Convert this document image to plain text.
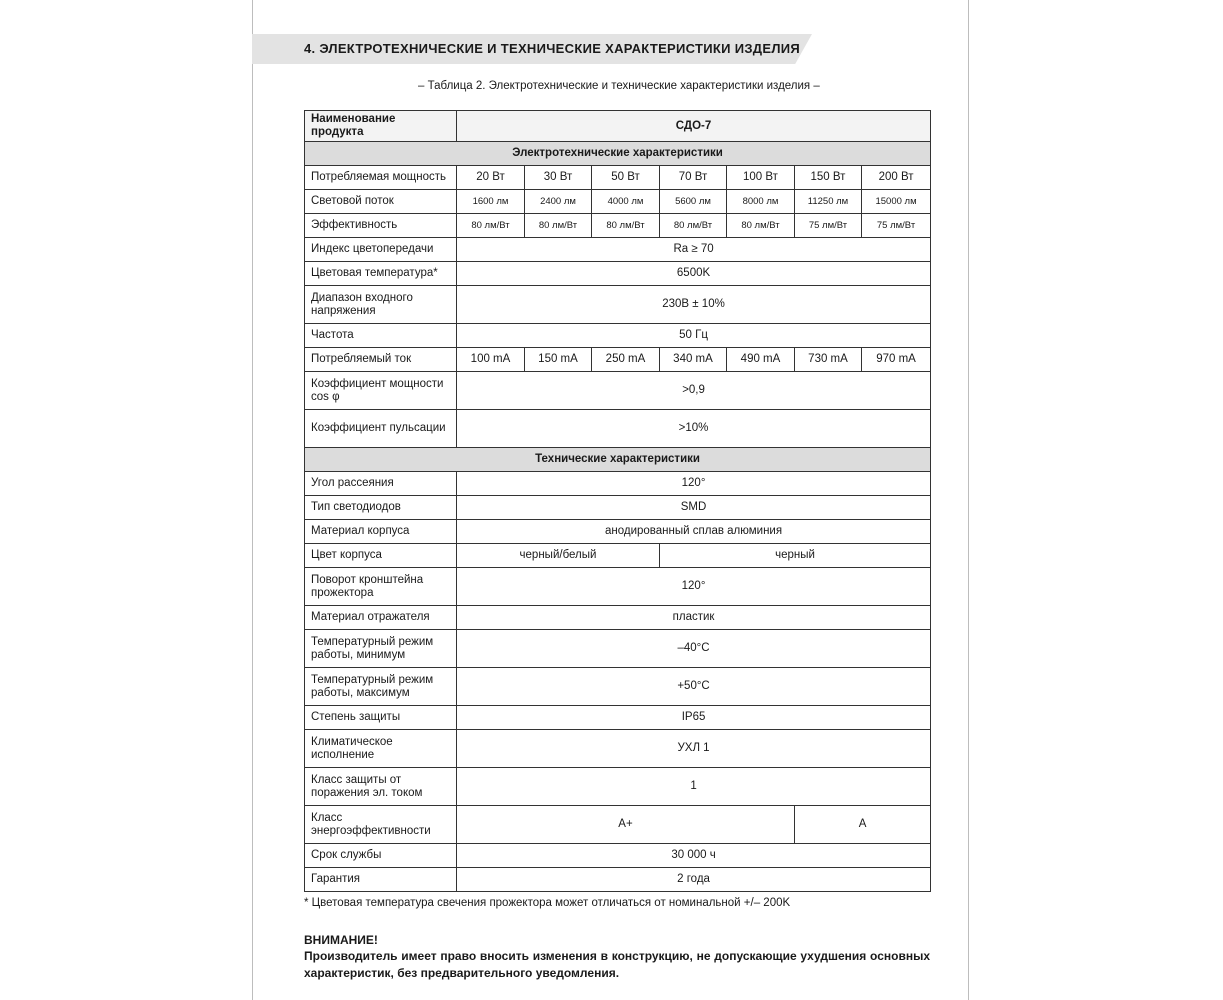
4. ЭЛЕКТРОТЕХНИЧЕСКИЕ И ТЕХНИЧЕСКИЕ ХАРАКТЕРИСТИКИ ИЗДЕЛИЯ
– Таблица 2. Электротехнические и технические характеристики изделия –
Наименование продукта	СДО-7						
Электротехнические характеристики							
Потребляемая мощность	20 Вт	30 Вт	50 Вт	70 Вт	100 Вт	150 Вт	200 Вт
Световой поток	1600 лм	2400 лм	4000 лм	5600 лм	8000 лм	11250 лм	15000 лм
Эффективность	80 лм/Вт	80 лм/Вт	80 лм/Вт	80 лм/Вт	80 лм/Вт	75 лм/Вт	75 лм/Вт
Индекс цветопередачи	Ra ≥ 70						
Цветовая температура*	6500K						
Диапазон входного напряжения	230В ± 10%						
Частота	50 Гц						
Потребляемый ток	100 mA	150 mA	250 mA	340 mA	490 mA	730 mA	970 mA
Коэффициент мощности cos φ	>0,9						
Коэффициент пульсации	>10%						
Технические характеристики							
Угол рассеяния	120°						
Тип светодиодов	SMD						
Материал корпуса	анодированный сплав алюминия						
Цвет корпуса	черный/белый			черный			
Поворот кронштейна прожектора	120°						
Материал отражателя	пластик						
Температурный режим работы, минимум	–40°C						
Температурный режим работы, максимум	+50°C						
Степень защиты	IP65						
Климатическое исполнение	УХЛ 1						
Класс защиты от поражения эл. током	1						
Класс энергоэффективности	A+					A	
Срок службы	30 000 ч						
Гарантия	2 года						
* Цветовая температура свечения прожектора может отличаться от номинальной +/– 200K
ВНИМАНИЕ!
Производитель имеет право вносить изменения в конструкцию, не допускающие ухудшения основных характеристик, без предварительного уведомления.
